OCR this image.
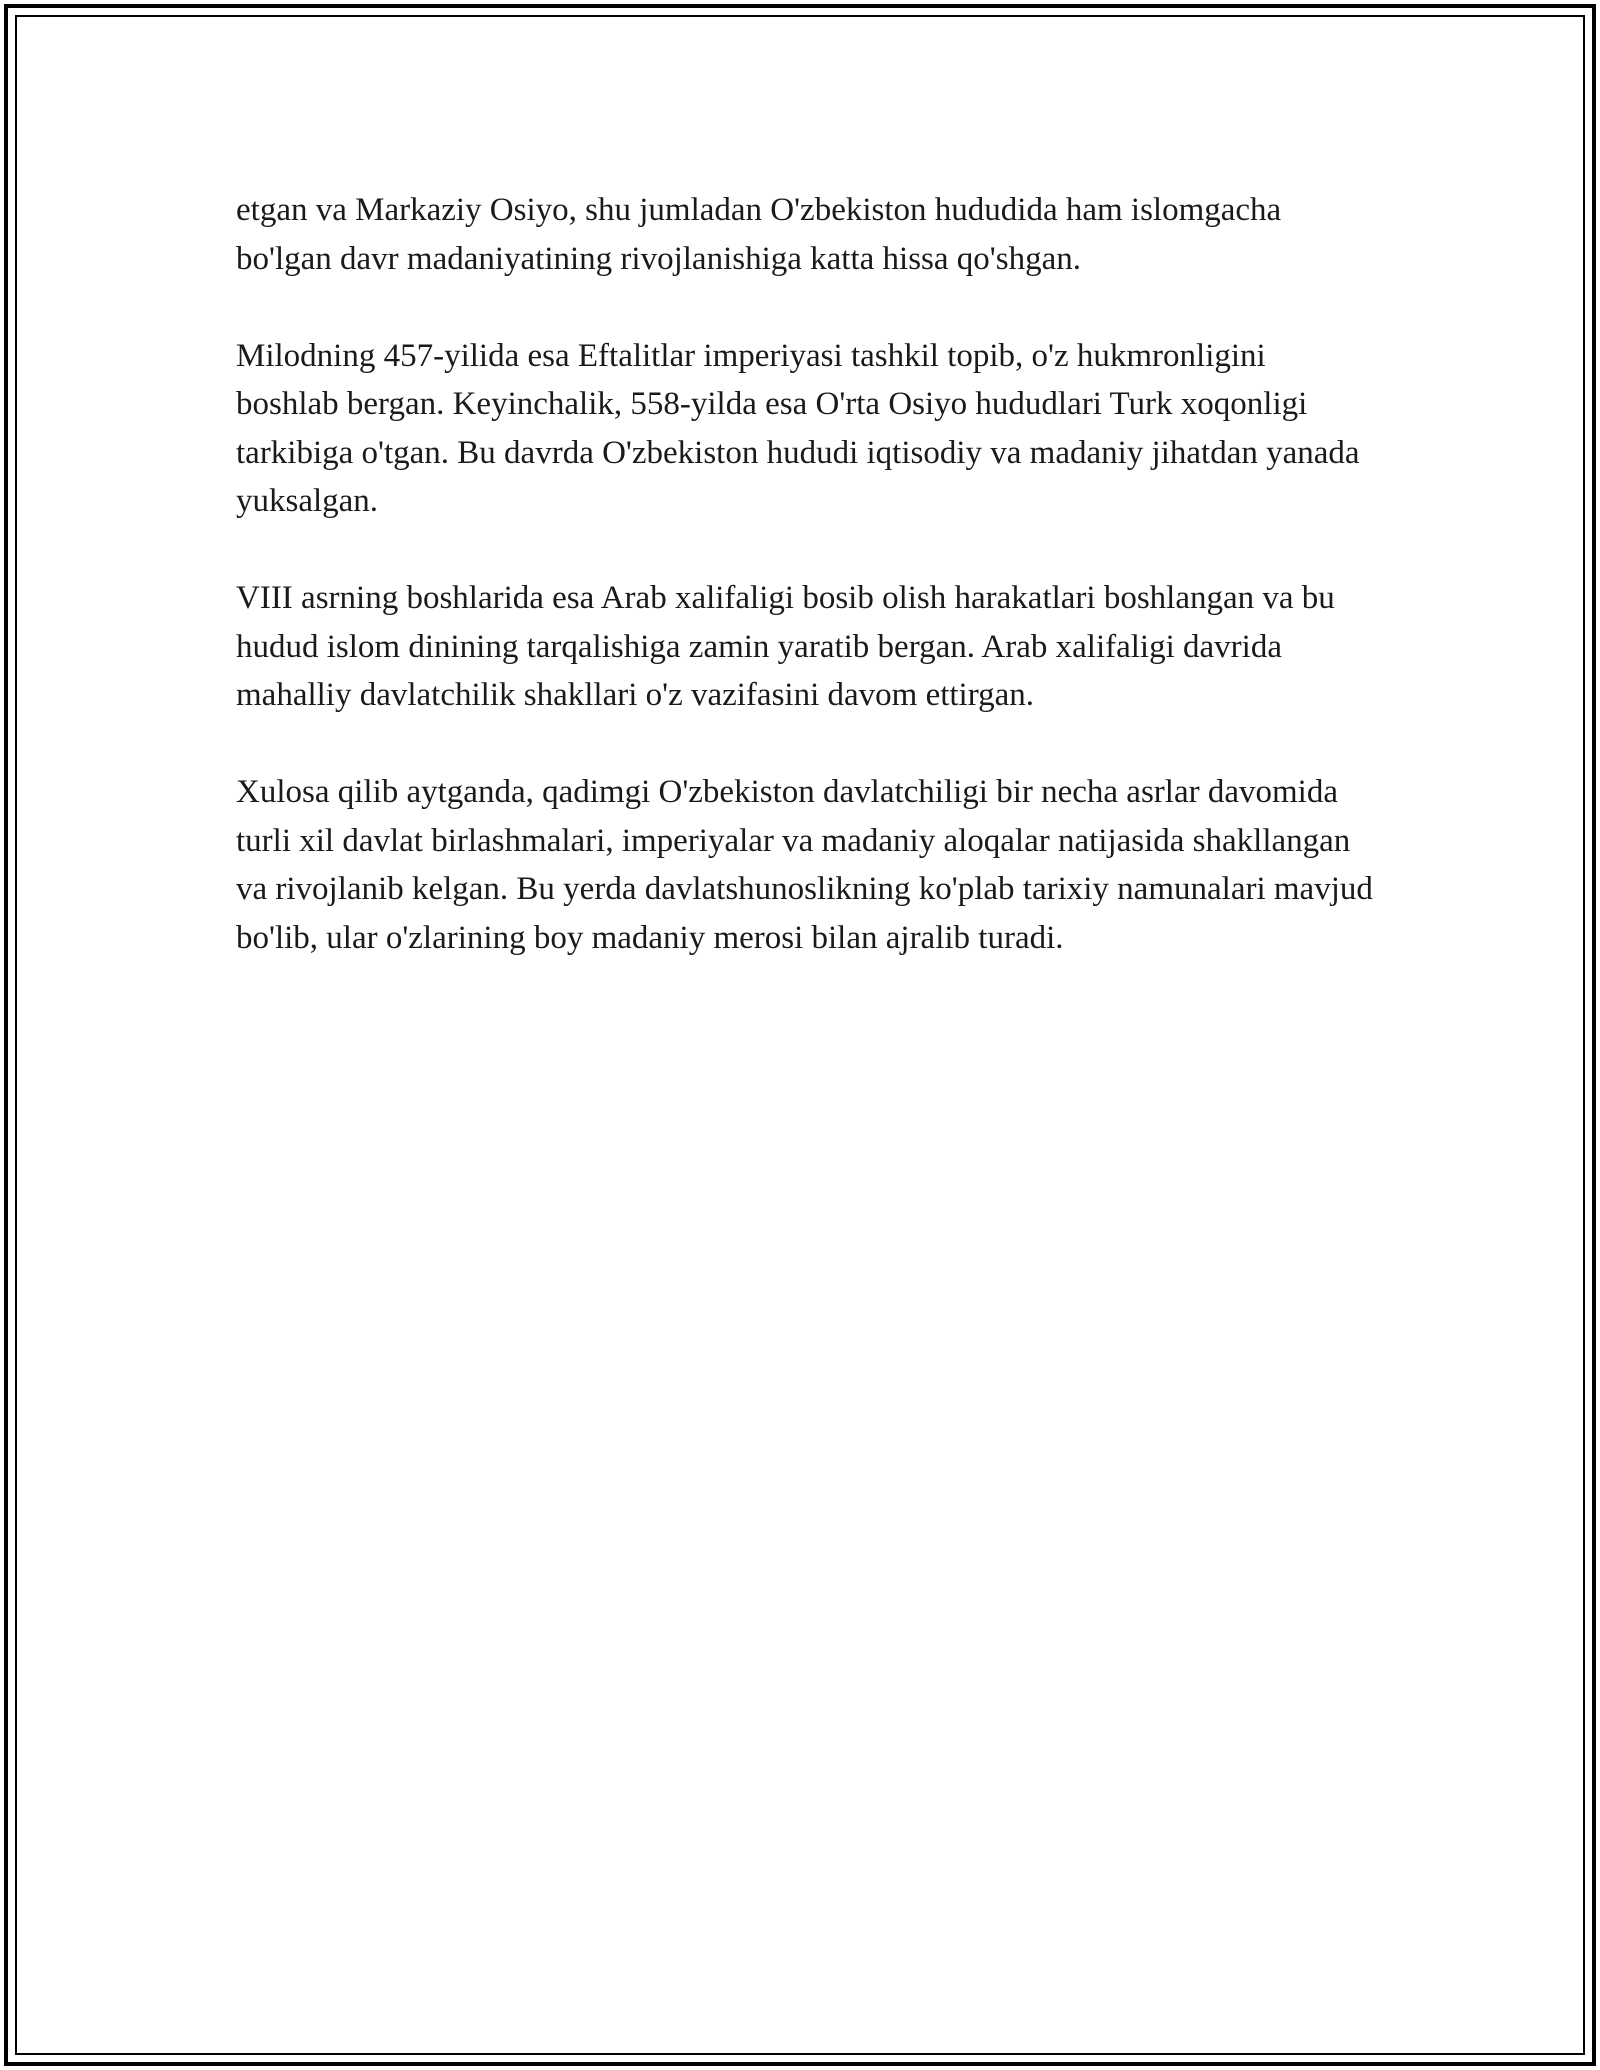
etgan va Markaziy Osiyo, shu jumladan O'zbekiston hududida ham islomgacha bo'lgan davr madaniyatining rivojlanishiga katta hissa qo'shgan.

Milodning 457-yilida esa Eftalitlar imperiyasi tashkil topib, o'z hukmronligini boshlab bergan. Keyinchalik, 558-yilda esa O'rta Osiyo hududlari Turk xoqonligi tarkibiga o'tgan. Bu davrda O'zbekiston hududi iqtisodiy va madaniy jihatdan yanada yuksalgan.

VIII asrning boshlarida esa Arab xalifaligi bosib olish harakatlari boshlangan va bu hudud islom dinining tarqalishiga zamin yaratib bergan. Arab xalifaligi davrida mahalliy davlatchilik shakllari o'z vazifasini davom ettirgan.

Xulosa qilib aytganda, qadimgi O'zbekiston davlatchiligi bir necha asrlar davomida turli xil davlat birlashmalari, imperiyalar va madaniy aloqalar natijasida shakllangan va rivojlanib kelgan. Bu yerda davlatshunoslikning ko'plab tarixiy namunalari mavjud bo'lib, ular o'zlarining boy madaniy merosi bilan ajralib turadi.
